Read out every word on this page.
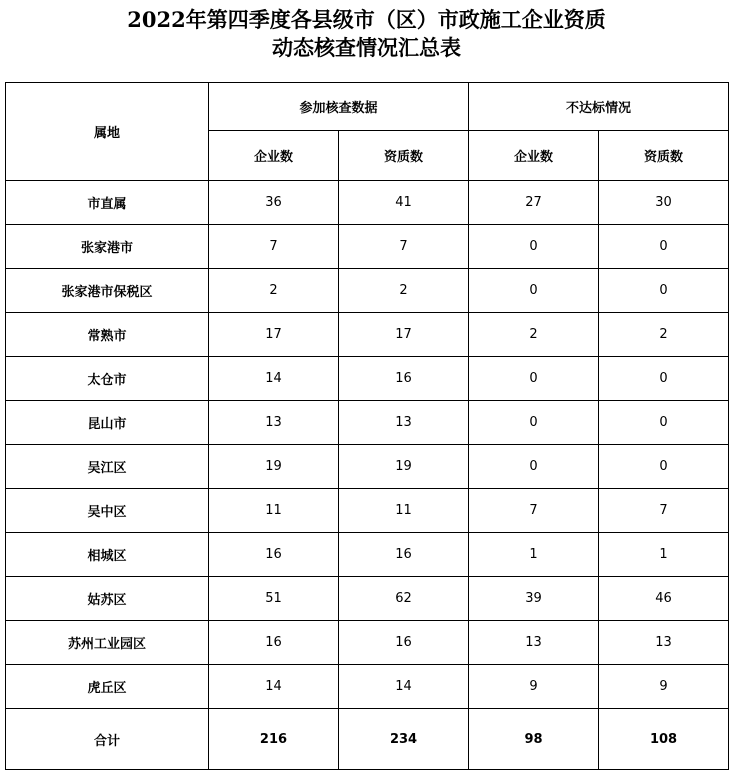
2022年第四季度各县级市（区）市政施工企业资质
动态核查情况汇总表
属地	参加核查数据		不达标情况	
	企业数	资质数	企业数	资质数
市直属	36	41	27	30
张家港市	7	7	0	0
张家港市保税区	2	2	0	0
常熟市	17	17	2	2
太仓市	14	16	0	0
昆山市	13	13	0	0
吴江区	19	19	0	0
吴中区	11	11	7	7
相城区	16	16	1	1
姑苏区	51	62	39	46
苏州工业园区	16	16	13	13
虎丘区	14	14	9	9
合计	216	234	98	108
